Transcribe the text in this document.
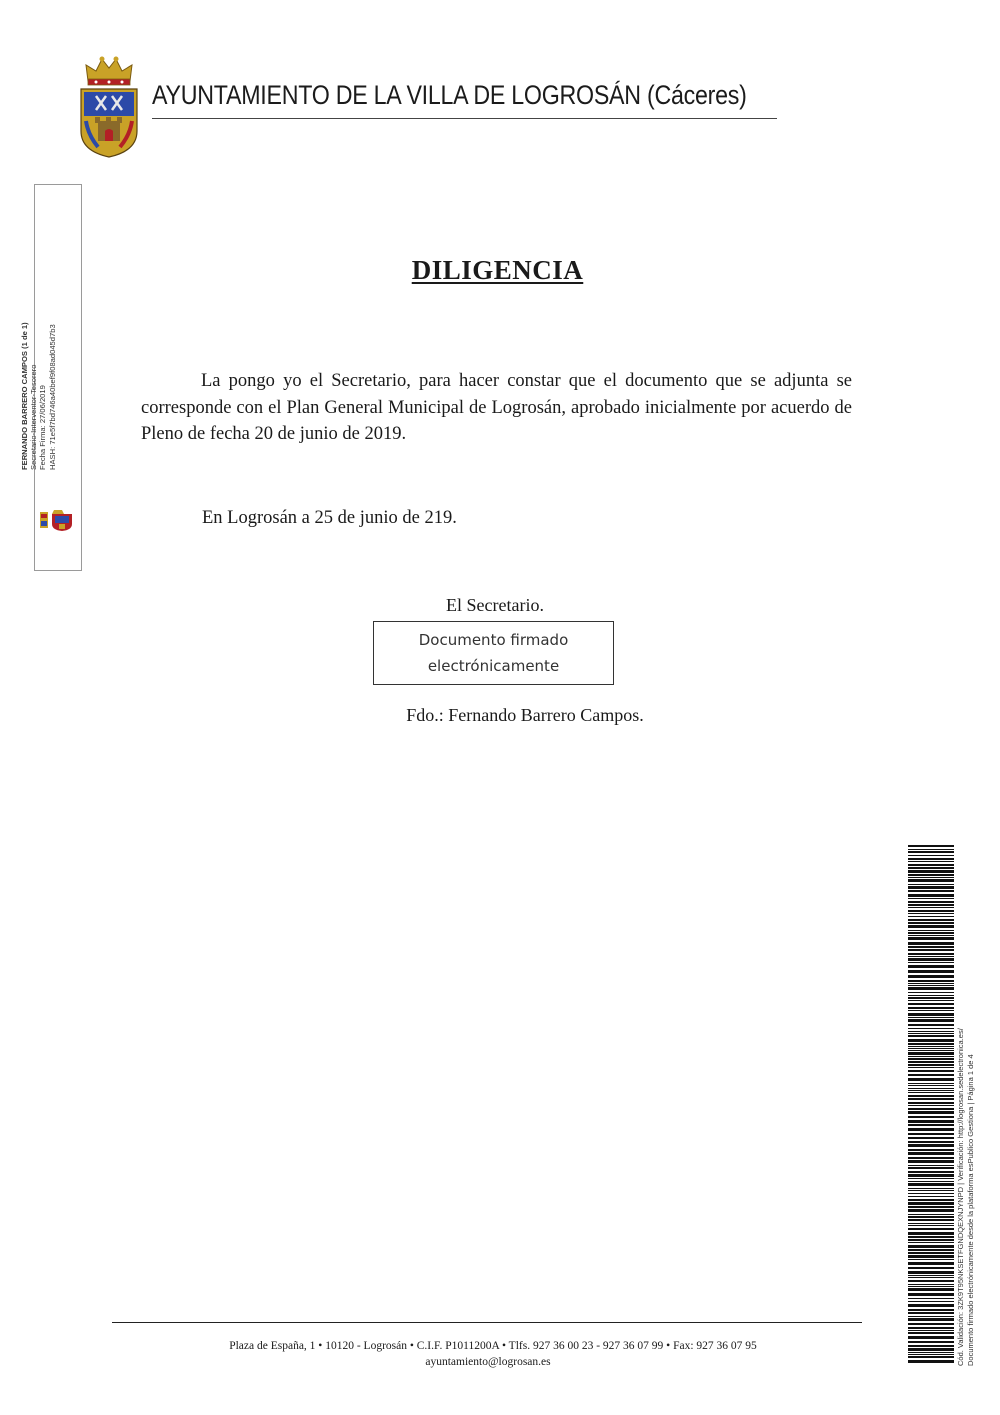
AYUNTAMIENTO DE LA VILLA DE LOGROSÁN (Cáceres)
FERNANDO BARRERO CAMPOS (1 de 1) Secretario-Interventor-Tesorero Fecha Firma: 27/06/2019 HASH: 71e5f7bd746a40bef9f08ad045d7b3
DILIGENCIA

La pongo yo el Secretario, para hacer constar que el documento que se adjunta se corresponde con el Plan General Municipal de Logrosán, aprobado inicialmente por acuerdo de Pleno de fecha 20 de junio de 2019.

En Logrosán a 25 de junio de 219.

El Secretario.
Documento firmado
electrónicamente
Fdo.: Fernando Barrero Campos.
Cód. Validación: 3ZK9T95NKSETFGNDQEXNJYNPD | Verificación: http://logrosan.sedelectronica.es/ Documento firmado electrónicamente desde la plataforma esPublico Gestiona | Página 1 de 4
Plaza de España, 1 • 10120 - Logrosán • C.I.F. P1011200A • Tlfs. 927 36 00 23 - 927 36 07 99 • Fax: 927 36 07 95
ayuntamiento@logrosan.es
